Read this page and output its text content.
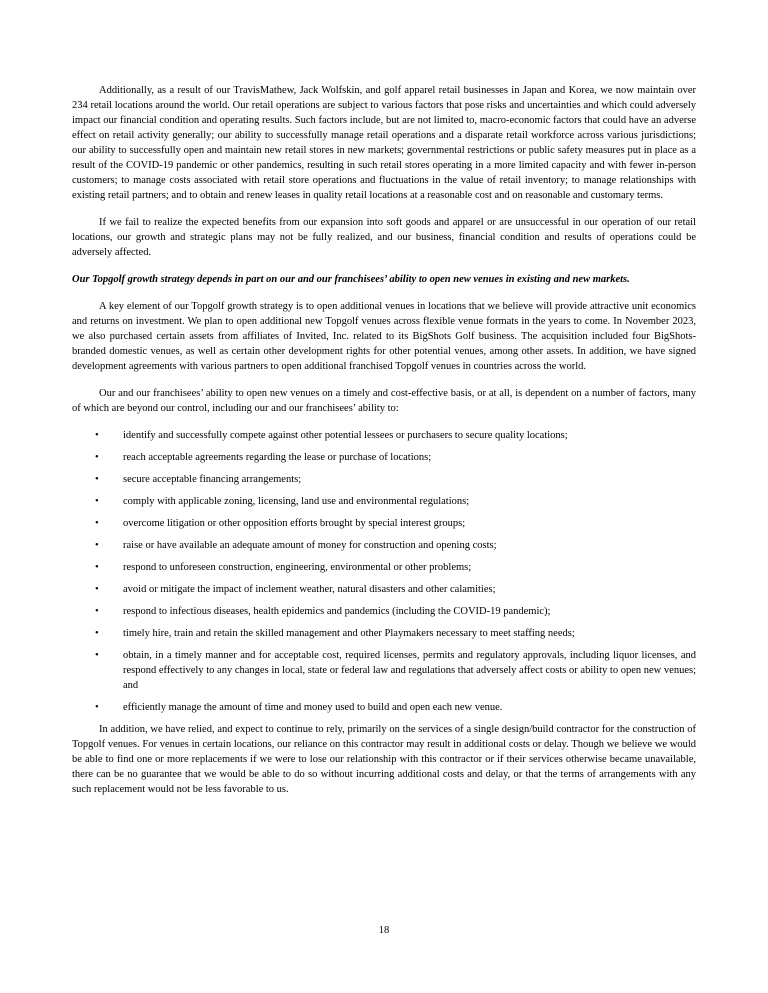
Additionally, as a result of our TravisMathew, Jack Wolfskin, and golf apparel retail businesses in Japan and Korea, we now maintain over 234 retail locations around the world. Our retail operations are subject to various factors that pose risks and uncertainties and which could adversely impact our financial condition and operating results. Such factors include, but are not limited to, macro-economic factors that could have an adverse effect on retail activity generally; our ability to successfully manage retail operations and a disparate retail workforce across various jurisdictions; our ability to successfully open and maintain new retail stores in new markets; governmental restrictions or public safety measures put in place as a result of the COVID-19 pandemic or other pandemics, resulting in such retail stores operating in a more limited capacity and with fewer in-person customers; to manage costs associated with retail store operations and fluctuations in the value of retail inventory; to manage relationships with existing retail partners; and to obtain and renew leases in quality retail locations at a reasonable cost and on reasonable and customary terms.

If we fail to realize the expected benefits from our expansion into soft goods and apparel or are unsuccessful in our operation of our retail locations, our growth and strategic plans may not be fully realized, and our business, financial condition and results of operations could be adversely affected.

Our Topgolf growth strategy depends in part on our and our franchisees’ ability to open new venues in existing and new markets.

A key element of our Topgolf growth strategy is to open additional venues in locations that we believe will provide attractive unit economics and returns on investment. We plan to open additional new Topgolf venues across flexible venue formats in the years to come. In November 2023, we also purchased certain assets from affiliates of Invited, Inc. related to its BigShots Golf business. The acquisition included four BigShots-branded domestic venues, as well as certain other development rights for other potential venues, among other assets. In addition, we have signed development agreements with various partners to open additional franchised Topgolf venues in countries across the world.

Our and our franchisees’ ability to open new venues on a timely and cost-effective basis, or at all, is dependent on a number of factors, many of which are beyond our control, including our and our franchisees’ ability to:

•	identify and successfully compete against other potential lessees or purchasers to secure quality locations;
•	reach acceptable agreements regarding the lease or purchase of locations;
•	secure acceptable financing arrangements;
•	comply with applicable zoning, licensing, land use and environmental regulations;
•	overcome litigation or other opposition efforts brought by special interest groups;
•	raise or have available an adequate amount of money for construction and opening costs;
•	respond to unforeseen construction, engineering, environmental or other problems;
•	avoid or mitigate the impact of inclement weather, natural disasters and other calamities;
•	respond to infectious diseases, health epidemics and pandemics (including the COVID-19 pandemic);
•	timely hire, train and retain the skilled management and other Playmakers necessary to meet staffing needs;
•	obtain, in a timely manner and for acceptable cost, required licenses, permits and regulatory approvals, including liquor licenses, and respond effectively to any changes in local, state or federal law and regulations that adversely affect costs or ability to open new venues; and
•	efficiently manage the amount of time and money used to build and open each new venue.

In addition, we have relied, and expect to continue to rely, primarily on the services of a single design/build contractor for the construction of Topgolf venues. For venues in certain locations, our reliance on this contractor may result in additional costs or delay. Though we believe we would be able to find one or more replacements if we were to lose our relationship with this contractor or if their services otherwise became unavailable, there can be no guarantee that we would be able to do so without incurring additional costs and delay, or that the terms of arrangements with any such replacement would not be less favorable to us.

18
